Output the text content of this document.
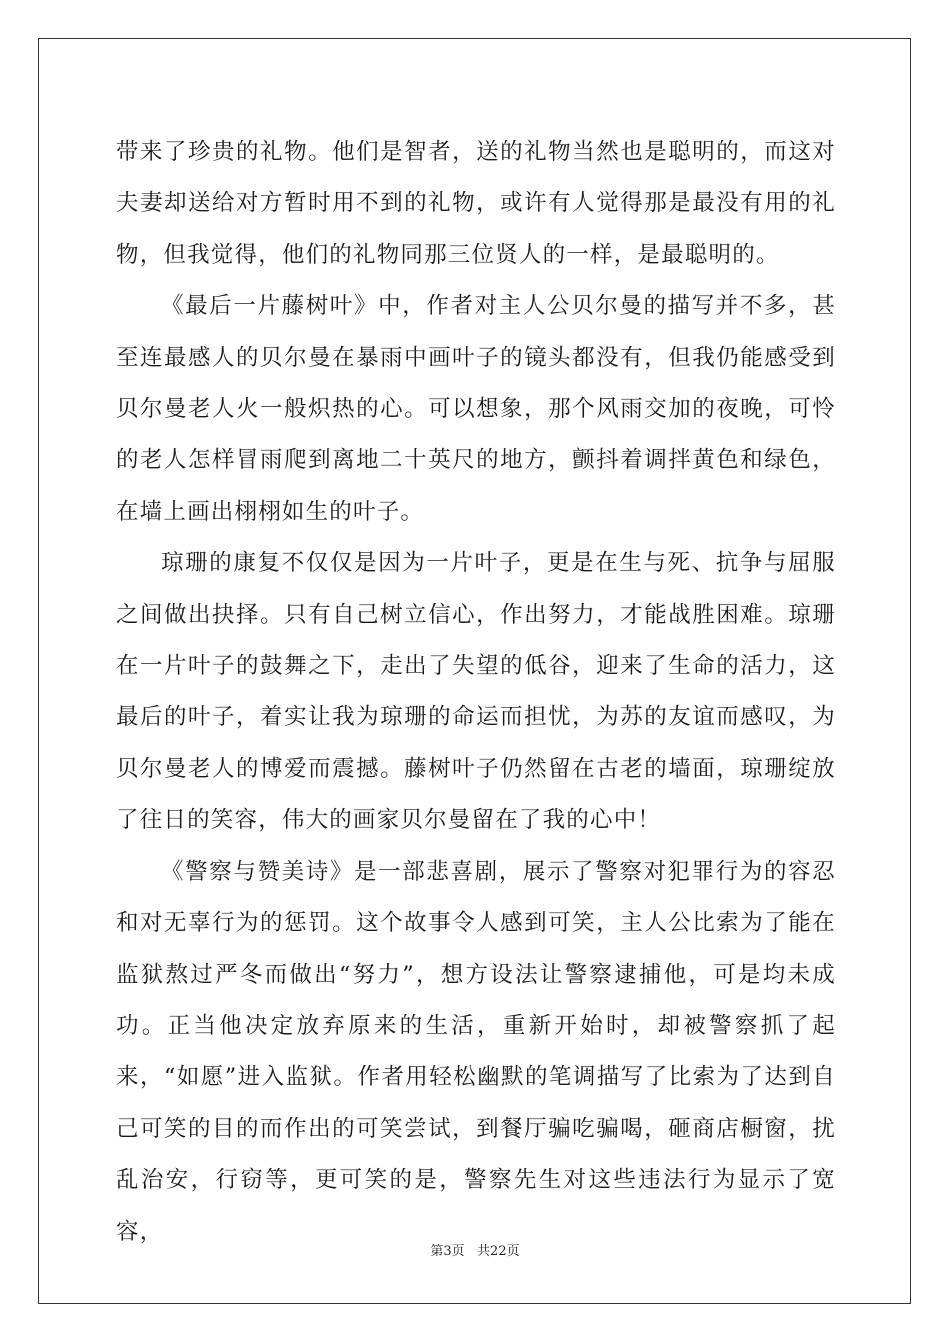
带来了珍贵的礼物。他们是智者，送的礼物当然也是聪明的，而这对夫妻却送给对方暂时用不到的礼物，或许有人觉得那是最没有用的礼物，但我觉得，他们的礼物同那三位贤人的一样，是最聪明的。

《最后一片藤树叶》中，作者对主人公贝尔曼的描写并不多，甚至连最感人的贝尔曼在暴雨中画叶子的镜头都没有，但我仍能感受到贝尔曼老人火一般炽热的心。可以想象，那个风雨交加的夜晚，可怜的老人怎样冒雨爬到离地二十英尺的地方，颤抖着调拌黄色和绿色，在墙上画出栩栩如生的叶子。

琼珊的康复不仅仅是因为一片叶子，更是在生与死、抗争与屈服之间做出抉择。只有自己树立信心，作出努力，才能战胜困难。琼珊在一片叶子的鼓舞之下，走出了失望的低谷，迎来了生命的活力，这最后的叶子，着实让我为琼珊的命运而担忧，为苏的友谊而感叹，为贝尔曼老人的博爱而震撼。藤树叶子仍然留在古老的墙面，琼珊绽放了往日的笑容，伟大的画家贝尔曼留在了我的心中！

《警察与赞美诗》是一部悲喜剧，展示了警察对犯罪行为的容忍和对无辜行为的惩罚。这个故事令人感到可笑，主人公比索为了能在监狱熬过严冬而做出“努力”，想方设法让警察逮捕他，可是均未成功。正当他决定放弃原来的生活，重新开始时，却被警察抓了起来，“如愿”进入监狱。作者用轻松幽默的笔调描写了比索为了达到自己可笑的目的而作出的可笑尝试，到餐厅骗吃骗喝，砸商店橱窗，扰乱治安，行窃等，更可笑的是，警察先生对这些违法行为显示了宽容，

第3页   共22页
